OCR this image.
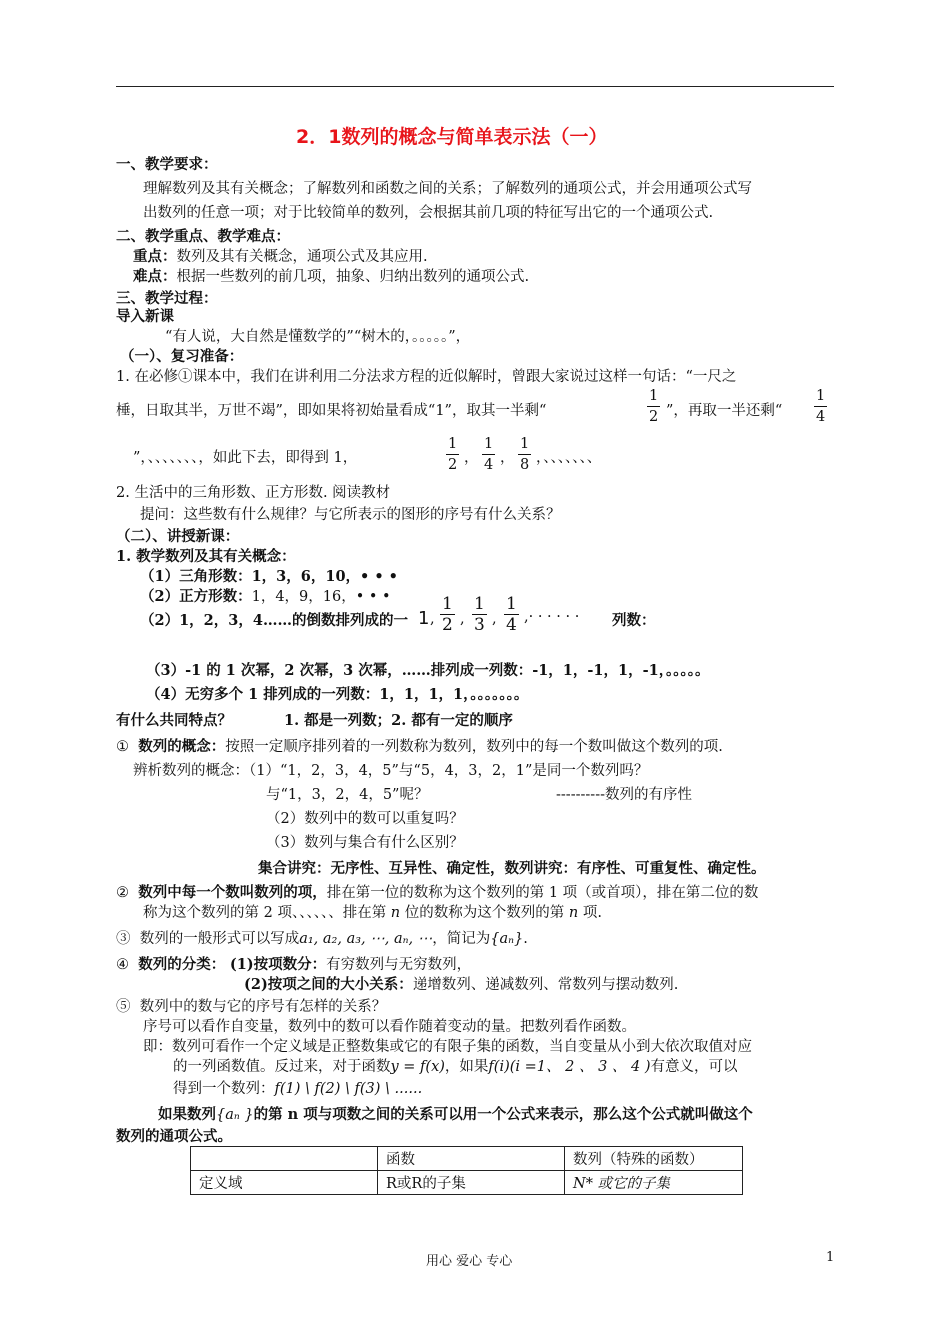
2．1数列的概念与简单表示法（一）
一、教学要求：
理解数列及其有关概念；了解数列和函数之间的关系；了解数列的通项公式，并会用通项公式写
出数列的任意一项；对于比较简单的数列，会根据其前几项的特征写出它的一个通项公式.
二、教学重点、教学难点：
重点：数列及其有关概念，通项公式及其应用.
难点：根据一些数列的前几项，抽象、归纳出数列的通项公式.
三、教学过程：
导入新课
“有人说，大自然是懂数学的”“树木的，。。。。。”，
（一）、复习准备：
1. 在必修①课本中，我们在讲利用二分法求方程的近似解时，曾跟大家说过这样一句话：“一尺之
棰，日取其半，万世不竭”，即如果将初始量看成“1”，取其一半剩“
1
2 ”，再取一半还剩“
1
4
”，、、、、、、、，如此下去，即得到 1，
1
2 ，
1
4 ，
1
8 ，、、、、、、、
2. 生活中的三角形数、正方形数. 阅读教材
提问：这些数有什么规律？与它所表示的图形的序号有什么关系？
（二）、讲授新课：
1. 教学数列及其有关概念：
（1）三角形数：1，3，6，10，• • •
（2）正方形数：1，4，9，16，• • •
（2）1，2，3，4……的倒数排列成的一 1 ,
1
2 ,
1
3 ,
1
4 ,· · · · · · 列数：
（3）-1 的 1 次幂，2 次幂，3 次幂，……排列成一列数：-1，1，-1，1，-1，。。。。。
（4）无穷多个 1 排列成的一列数：1，1，1，1，。。。。。。。
有什么共同特点？	1. 都是一列数；2. 都有一定的顺序
① 数列的概念：按照一定顺序排列着的一列数称为数列，数列中的每一个数叫做这个数列的项.
辨析数列的概念：（1）“1，2，3，4，5”与“5，4，3，2，1”是同一个数列吗？
与“1，3，2，4，5”呢？	----------数列的有序性
（2）数列中的数可以重复吗？
（3）数列与集合有什么区别？
集合讲究：无序性、互异性、确定性，数列讲究：有序性、可重复性、确定性。
② 数列中每一个数叫数列的项，排在第一位的数称为这个数列的第 1 项（或首项），排在第二位的数
称为这个数列的第 2 项、、、、、、排在第 n 位的数称为这个数列的第 n 项.
③ 数列的一般形式可以写成a₁, a₂, a₃, ⋯, aₙ, ⋯，简记为{aₙ}.
④ 数列的分类： (1)按项数分：有穷数列与无穷数列，
(2)按项之间的大小关系：递增数列、递减数列、常数列与摆动数列.
⑤ 数列中的数与它的序号有怎样的关系？
序号可以看作自变量，数列中的数可以看作随着变动的量。把数列看作函数。
即：数列可看作一个定义域是正整数集或它的有限子集的函数，当自变量从小到大依次取值对应
的一列函数值。反过来，对于函数y = f(x)，如果f(i)(i =1、 2 、 3 、 4 )有意义，可以
得到一个数列：f(1) \ f(2) \ f(3) \ ......
如果数列{aₙ }的第 n 项与项数之间的关系可以用一个公式来表示，那么这个公式就叫做这个
数列的通项公式。
	函数	数列（特殊的函数）
定义域	R或R的子集	N* 或它的子集
用心 爱心 专心	1
